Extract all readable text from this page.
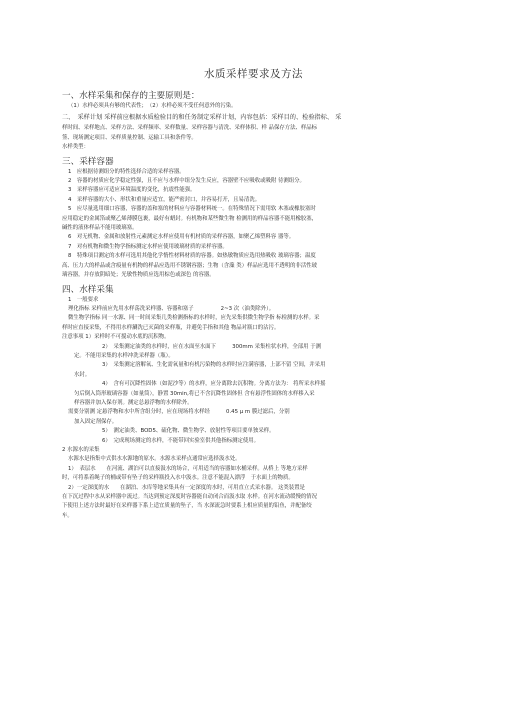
水质采样要求及方法
一、水样采集和保存的主要原则是：
（1）水样必须具有够的代表性；　（2）水样必须不受任何意外的污染。
二、　采样计划 采样前应根据水质检验目的和任务制定采样计划，内容包括：采样目的、检验指标、 采
样时间、采样地点、采样方法、采样频率、采样数量、采样容器与清洗、采样体积、样 品保存方法、样品标
签、现场测定项目、采样质量控制、运输工具和条件等。
水样类型：
三、采样容器
1　应根据待测组分的特性选择合适的采样容器。
2　容器的材质应化学稳定性强，且不应与水样中组分发生反应，容器壁不应吸收或吸附 待测组分。
3　采样容器应可适应环境温度的变化，抗震性能强。
4　采样容器的大小、形状和重量应适宜，能严密封口，并容易打开，且易清洗。
5　应尽量选用细口容器，容器的盖和塞的材料应与容器材料统一。在特殊情况下需用软 木塞或橡胶塞时
应用稳定的金属箔或聚乙烯薄膜包裹，最好有蜡封。有机物和某些微生物 检测用的样品容器不能用橡胶塞，
碱性的液体样品不能用玻璃塞。
6　对无机物、金属和放射性元素测定水样应使用有机材质的采样容器，如聚乙烯塑料容 器等。
7　对有机物和微生物学指标测定水样应使用玻璃材质的采样容器。
8　特殊项目测定的水样可选用其他化学惰性材料材质的容器。如热敏物质应选用热吸收 玻璃容器；温度
高、压力大的样品或含痕量有机物的样品应选用不锈钢容器；生物（含藻 类）样品应选用不透明的非活性玻
璃容器，并存放阴暗处；光敏性物质应选用棕色或深色 的容器。
四、水样采集
1　一般要求
理化指标 采样前应先用水样荡洗采样器、容器和塞子　　　　　2~3 次（油类除外）。
微生物学指标 同一水源、同一时间采集几类检测指标的水样时，应先采集供微生物学指 标检测的水样。采
样时应直接采集，不得用水样涮洗已灭菌的采样瓶，并避免手指和其他 物品对瓶口的沾污。
注意事项 1）采样时不可搅动水底的沉积物。
2）　采集测定油类的水样时，应在水面至水面下　　　300mm 采集柱状水样，全部用 于测
定。不能用采集的水样冲洗采样器（瓶）。
3）　采集测定溶解氧、生化需氧量和有机污染物的水样时应注满容器，上部不留 空间，并采用
水封。
4）　含有可沉降性固体（如泥沙等）的水样，应分离除去沉积物。分离方法为： 将所采水样摇
匀后倒入筒形玻璃容器（如量筒），静置 30min,将已不含沉降性固体但 含有悬浮性固体的水样移入采
样容器并加入保存剂。测定总悬浮物的水样除外。
需要分别测 定悬浮物和水中所含组分时，应在现场将水样经　　　0.45 μ m 膜过滤后，分别
加入固定剂保存。
5）　测定油类、BOD5、硫化物、微生物学、放射性等项目要单独采样。
6）　完成现场测定的水样，不能带回实验室供其他指标测定使用。
2 水源水的采集
水源水是指集中式供水水源地的原水。水源水采样点通常应选择汲水处。
1）　表层水　　在河流、湖泊可以直接汲水的场合，可用适当的容器如水桶采样。从桥上 等地方采样
时，可将系着绳子的桶或带有坠子的采样瓶投入水中汲水。注意不能混入漂浮　于水面上的物质。
2）一定深度的水　　在湖泊、水库等地采集具有一定深度的水时，可用直立式采水器。 这类装置是
在下沉过程中水从采样器中流过。当达到预定深度时容器能自动闭合而汲水取 水样。在河水流动缓慢的情况
下使用上述方法时最好在采样器下系上适宜质量的坠子，当 水深流急时要系上相应质量的铅鱼，并配备绞
车。
